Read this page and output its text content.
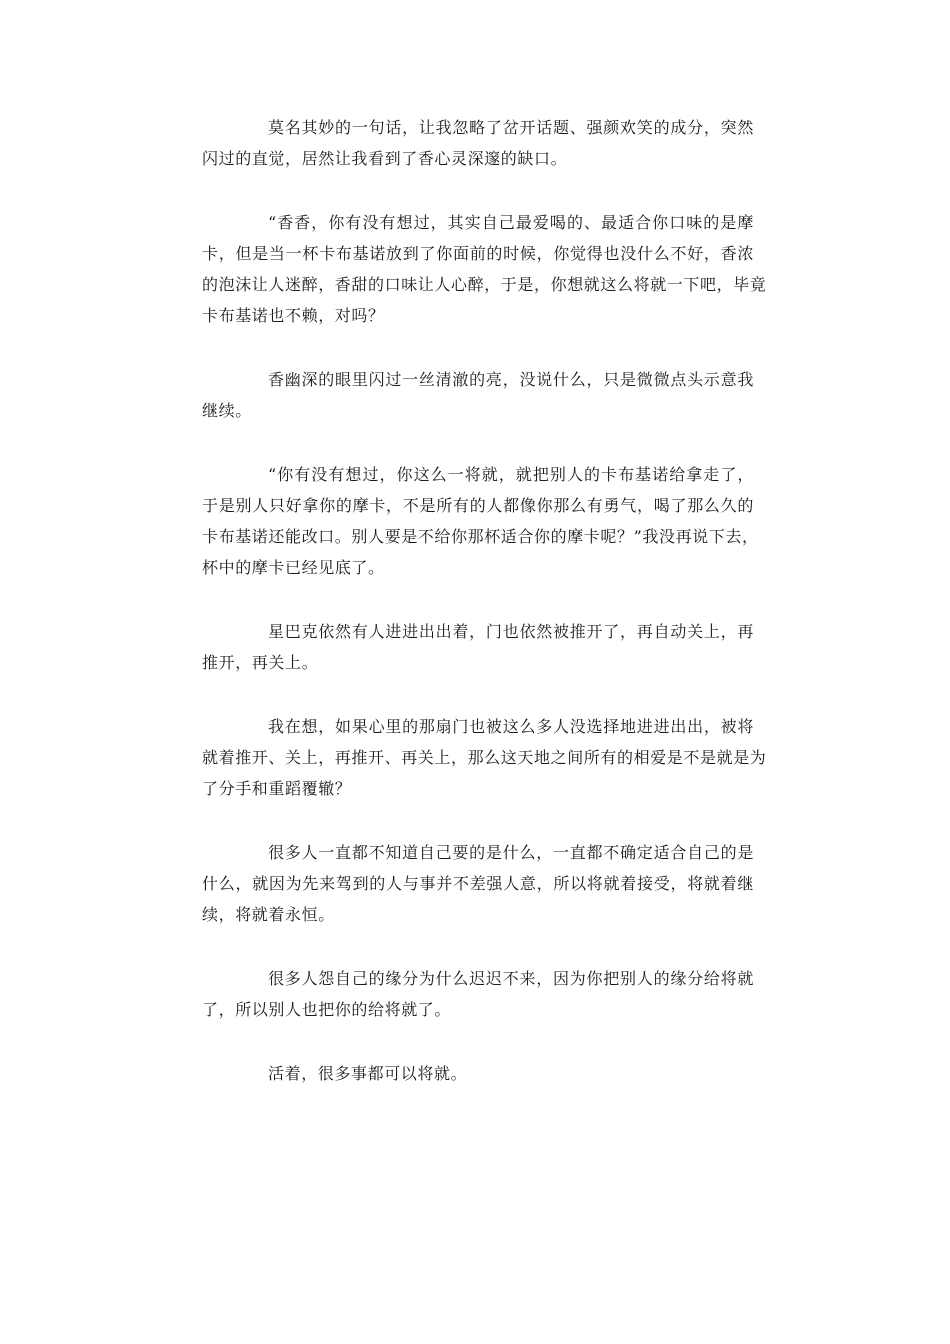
莫名其妙的一句话，让我忽略了岔开话题、强颜欢笑的成分，突然
闪过的直觉，居然让我看到了香心灵深邃的缺口。
“香香，你有没有想过，其实自己最爱喝的、最适合你口味的是摩
卡，但是当一杯卡布基诺放到了你面前的时候，你觉得也没什么不好，香浓
的泡沫让人迷醉，香甜的口味让人心醉，于是，你想就这么将就一下吧，毕竟
卡布基诺也不赖，对吗？
香幽深的眼里闪过一丝清澈的亮，没说什么，只是微微点头示意我
继续。
“你有没有想过，你这么一将就，就把别人的卡布基诺给拿走了，
于是别人只好拿你的摩卡，不是所有的人都像你那么有勇气，喝了那么久的
卡布基诺还能改口。别人要是不给你那杯适合你的摩卡呢？”我没再说下去，
杯中的摩卡已经见底了。
星巴克依然有人进进出出着，门也依然被推开了，再自动关上，再
推开，再关上。
我在想，如果心里的那扇门也被这么多人没选择地进进出出，被将
就着推开、关上，再推开、再关上，那么这天地之间所有的相爱是不是就是为
了分手和重蹈覆辙？
很多人一直都不知道自己要的是什么，一直都不确定适合自己的是
什么，就因为先来驾到的人与事并不差强人意，所以将就着接受，将就着继
续，将就着永恒。
很多人怨自己的缘分为什么迟迟不来，因为你把别人的缘分给将就
了，所以别人也把你的给将就了。
活着，很多事都可以将就。
